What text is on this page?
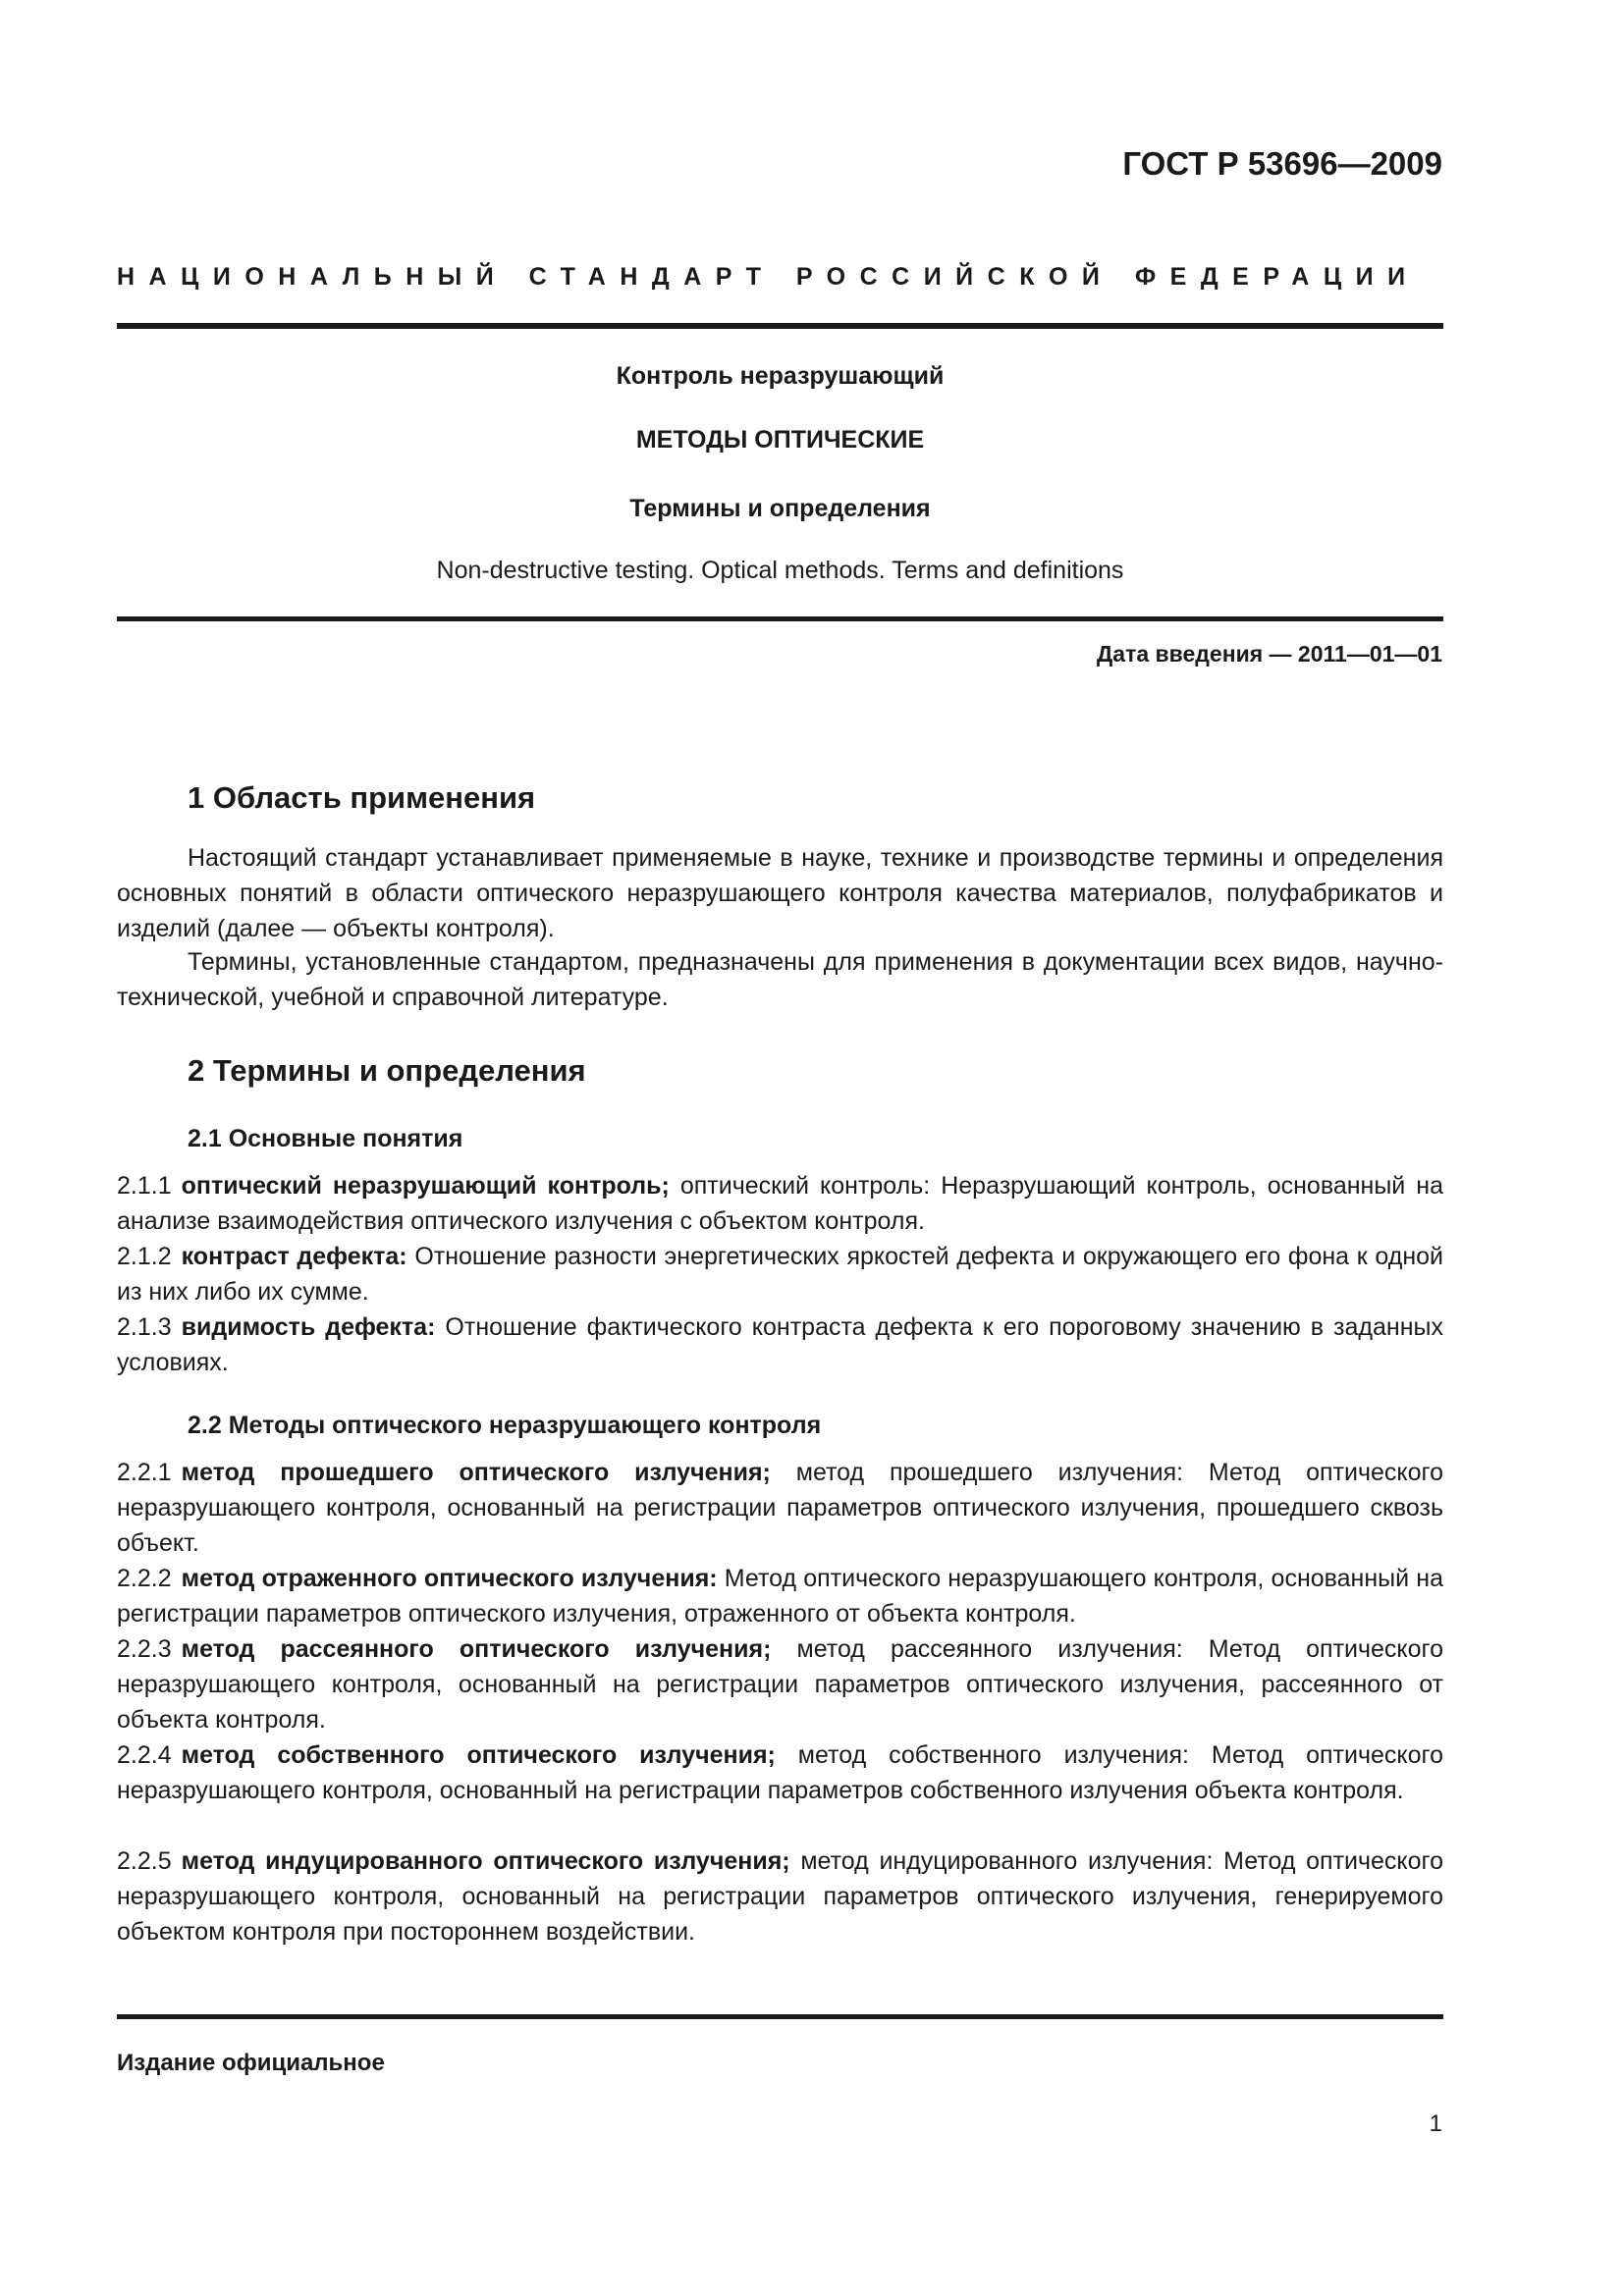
ГОСТ Р 53696—2009
НАЦИОНАЛЬНЫЙ СТАНДАРТ РОССИЙСКОЙ ФЕДЕРАЦИИ
Контроль неразрушающий
МЕТОДЫ ОПТИЧЕСКИЕ
Термины и определения
Non-destructive testing. Optical methods. Terms and definitions
Дата введения — 2011—01—01
1 Область применения

Настоящий стандарт устанавливает применяемые в науке, технике и производстве термины и определения основных понятий в области оптического неразрушающего контроля качества материалов, полуфабрикатов и изделий (далее — объекты контроля).

Термины, установленные стандартом, предназначены для применения в документации всех видов, научно-технической, учебной и справочной литературе.

2 Термины и определения
2.1 Основные понятия

2.1.1 оптический неразрушающий контроль; оптический контроль: Неразрушающий контроль, основанный на анализе взаимодействия оптического излучения с объектом контроля.

2.1.2 контраст дефекта: Отношение разности энергетических яркостей дефекта и окружающего его фона к одной из них либо их сумме.

2.1.3 видимость дефекта: Отношение фактического контраста дефекта к его пороговому значению в заданных условиях.

2.2 Методы оптического неразрушающего контроля

2.2.1 метод прошедшего оптического излучения; метод прошедшего излучения: Метод оптического неразрушающего контроля, основанный на регистрации параметров оптического излучения, прошедшего сквозь объект.

2.2.2 метод отраженного оптического излучения: Метод оптического неразрушающего контроля, основанный на регистрации параметров оптического излучения, отраженного от объекта контроля.

2.2.3 метод рассеянного оптического излучения; метод рассеянного излучения: Метод оптического неразрушающего контроля, основанный на регистрации параметров оптического излучения, рассеянного от объекта контроля.

2.2.4 метод собственного оптического излучения; метод собственного излучения: Метод оптического неразрушающего контроля, основанный на регистрации параметров собственного излучения объекта контроля.

2.2.5 метод индуцированного оптического излучения; метод индуцированного излучения: Метод оптического неразрушающего контроля, основанный на регистрации параметров оптического излучения, генерируемого объектом контроля при постороннем воздействии.

Издание официальное
1
